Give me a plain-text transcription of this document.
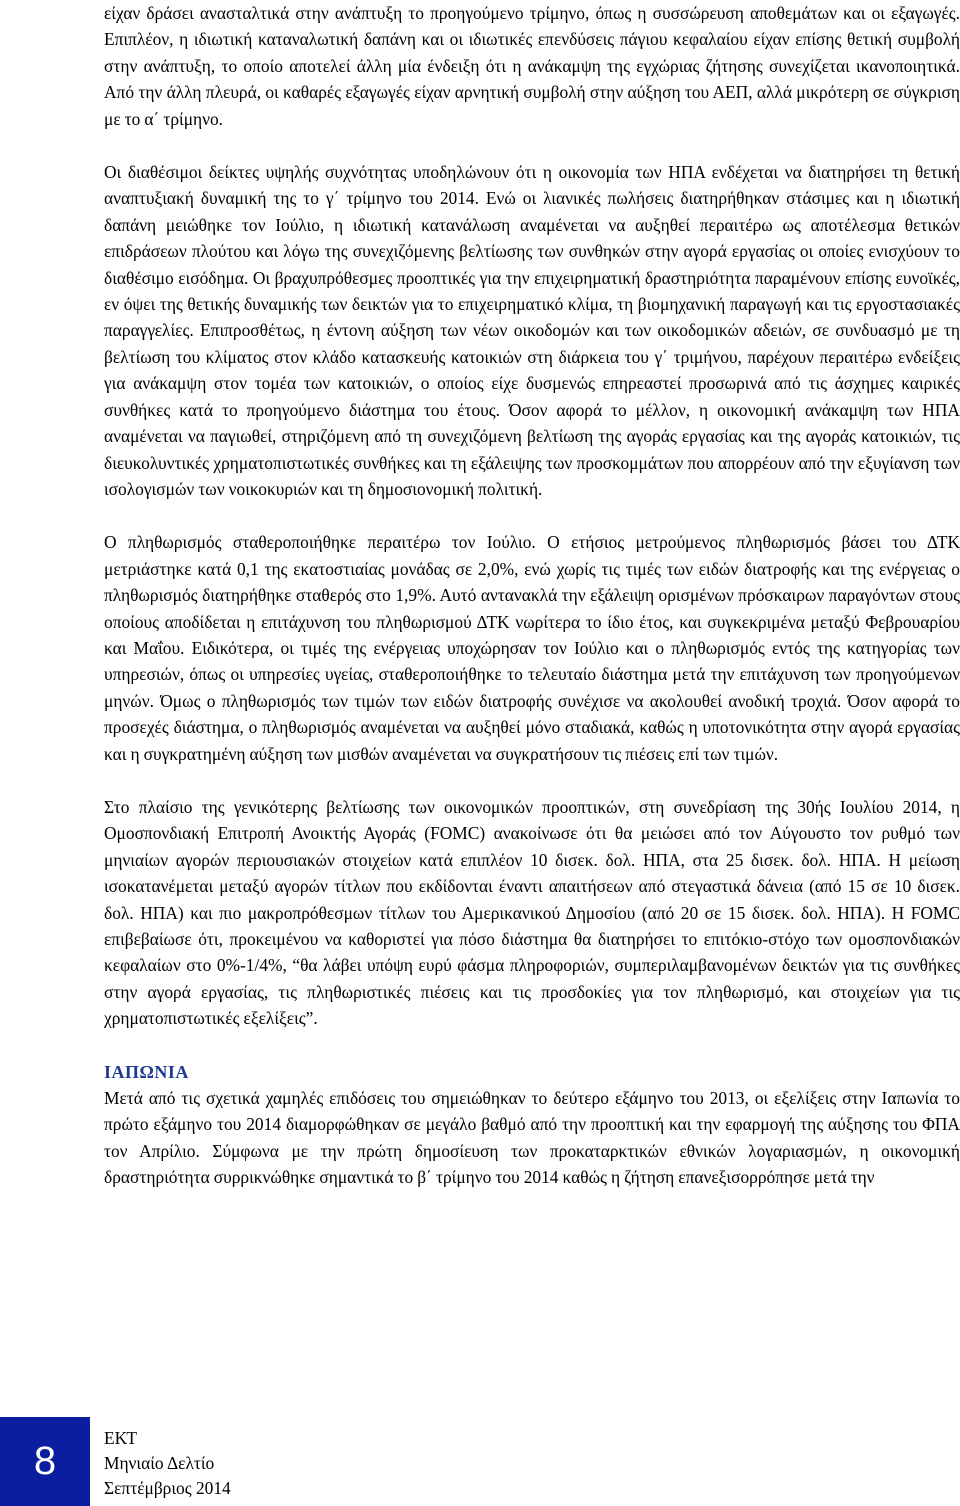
είχαν δράσει ανασταλτικά στην ανάπτυξη το προηγούμενο τρίμηνο, όπως η συσσώρευση αποθεμάτων και οι εξαγωγές. Επιπλέον, η ιδιωτική καταναλωτική δαπάνη και οι ιδιωτικές επενδύσεις πάγιου κεφαλαίου είχαν επίσης θετική συμβολή στην ανάπτυξη, το οποίο αποτελεί άλλη μία ένδειξη ότι η ανάκαμψη της εγχώριας ζήτησης συνεχίζεται ικανοποιητικά. Από την άλλη πλευρά, οι καθαρές εξαγωγές είχαν αρνητική συμβολή στην αύξηση του ΑΕΠ, αλλά μικρότερη σε σύγκριση με το α΄ τρίμηνο.

Οι διαθέσιμοι δείκτες υψηλής συχνότητας υποδηλώνουν ότι η οικονομία των ΗΠΑ ενδέχεται να διατηρήσει τη θετική αναπτυξιακή δυναμική της το γ΄ τρίμηνο του 2014. Ενώ οι λιανικές πωλήσεις διατηρήθηκαν στάσιμες και η ιδιωτική δαπάνη μειώθηκε τον Ιούλιο, η ιδιωτική κατανάλωση αναμένεται να αυξηθεί περαιτέρω ως αποτέλεσμα θετικών επιδράσεων πλούτου και λόγω της συνεχιζόμενης βελτίωσης των συνθηκών στην αγορά εργασίας οι οποίες ενισχύουν το διαθέσιμο εισόδημα. Οι βραχυπρόθεσμες προοπτικές για την επιχειρηματική δραστηριότητα παραμένουν επίσης ευνοϊκές, εν όψει της θετικής δυναμικής των δεικτών για το επιχειρηματικό κλίμα, τη βιομηχανική παραγωγή και τις εργοστασιακές παραγγελίες. Επιπροσθέτως, η έντονη αύξηση των νέων οικοδομών και των οικοδομικών αδειών, σε συνδυασμό με τη βελτίωση του κλίματος στον κλάδο κατασκευής κατοικιών στη διάρκεια του γ΄ τριμήνου, παρέχουν περαιτέρω ενδείξεις για ανάκαμψη στον τομέα των κατοικιών, ο οποίος είχε δυσμενώς επηρεαστεί προσωρινά από τις άσχημες καιρικές συνθήκες κατά το προηγούμενο διάστημα του έτους. Όσον αφορά το μέλλον, η οικονομική ανάκαμψη των ΗΠΑ αναμένεται να παγιωθεί, στηριζόμενη από τη συνεχιζόμενη βελτίωση της αγοράς εργασίας και της αγοράς κατοικιών, τις διευκολυντικές χρηματοπιστωτικές συνθήκες και τη εξάλειψης των προσκομμάτων που απορρέουν από την εξυγίανση των ισολογισμών των νοικοκυριών και τη δημοσιονομική πολιτική.

Ο πληθωρισμός σταθεροποιήθηκε περαιτέρω τον Ιούλιο. Ο ετήσιος μετρούμενος πληθωρισμός βάσει του ΔΤΚ μετριάστηκε κατά 0,1 της εκατοστιαίας μονάδας σε 2,0%, ενώ χωρίς τις τιμές των ειδών διατροφής και της ενέργειας ο πληθωρισμός διατηρήθηκε σταθερός στο 1,9%. Αυτό αντανακλά την εξάλειψη ορισμένων πρόσκαιρων παραγόντων στους οποίους αποδίδεται η επιτάχυνση του πληθωρισμού ΔΤΚ νωρίτερα το ίδιο έτος, και συγκεκριμένα μεταξύ Φεβρουαρίου και Μαΐου. Ειδικότερα, οι τιμές της ενέργειας υποχώρησαν τον Ιούλιο και ο πληθωρισμός εντός της κατηγορίας των υπηρεσιών, όπως οι υπηρεσίες υγείας, σταθεροποιήθηκε το τελευταίο διάστημα μετά την επιτάχυνση των προηγούμενων μηνών. Όμως ο πληθωρισμός των τιμών των ειδών διατροφής συνέχισε να ακολουθεί ανοδική τροχιά. Όσον αφορά το προσεχές διάστημα, ο πληθωρισμός αναμένεται να αυξηθεί μόνο σταδιακά, καθώς η υποτονικότητα στην αγορά εργασίας και η συγκρατημένη αύξηση των μισθών αναμένεται να συγκρατήσουν τις πιέσεις επί των τιμών.

Στο πλαίσιο της γενικότερης βελτίωσης των οικονομικών προοπτικών, στη συνεδρίαση της 30ής Ιουλίου 2014, η Ομοσπονδιακή Επιτροπή Ανοικτής Αγοράς (FOMC) ανακοίνωσε ότι θα μειώσει από τον Αύγουστο τον ρυθμό των μηνιαίων αγορών περιουσιακών στοιχείων κατά επιπλέον 10 δισεκ. δολ. ΗΠΑ, στα 25 δισεκ. δολ. ΗΠΑ. Η μείωση ισοκατανέμεται μεταξύ αγορών τίτλων που εκδίδονται έναντι απαιτήσεων από στεγαστικά δάνεια (από 15 σε 10 δισεκ. δολ. ΗΠΑ) και πιο μακροπρόθεσμων τίτλων του Αμερικανικού Δημοσίου (από 20 σε 15 δισεκ. δολ. ΗΠΑ). Η FOMC επιβεβαίωσε ότι, προκειμένου να καθοριστεί για πόσο διάστημα θα διατηρήσει το επιτόκιο-στόχο των ομοσπονδιακών κεφαλαίων στο 0%-1/4%, “θα λάβει υπόψη ευρύ φάσμα πληροφοριών, συμπεριλαμβανομένων δεικτών για τις συνθήκες στην αγορά εργασίας, τις πληθωριστικές πιέσεις και τις προσδοκίες για τον πληθωρισμό, και στοιχείων για τις χρηματοπιστωτικές εξελίξεις”.

ΙΑΠΩΝΙΑ

Μετά από τις σχετικά χαμηλές επιδόσεις του σημειώθηκαν το δεύτερο εξάμηνο του 2013, οι εξελίξεις στην Ιαπωνία το πρώτο εξάμηνο του 2014 διαμορφώθηκαν σε μεγάλο βαθμό από την προοπτική και την εφαρμογή της αύξησης του ΦΠΑ τον Απρίλιο. Σύμφωνα με την πρώτη δημοσίευση των προκαταρκτικών εθνικών λογαριασμών, η οικονομική δραστηριότητα συρρικνώθηκε σημαντικά το β΄ τρίμηνο του 2014 καθώς η ζήτηση επανεξισορρόπησε μετά την

8
ΕΚΤ
Μηνιαίο Δελτίο
Σεπτέμβριος 2014
